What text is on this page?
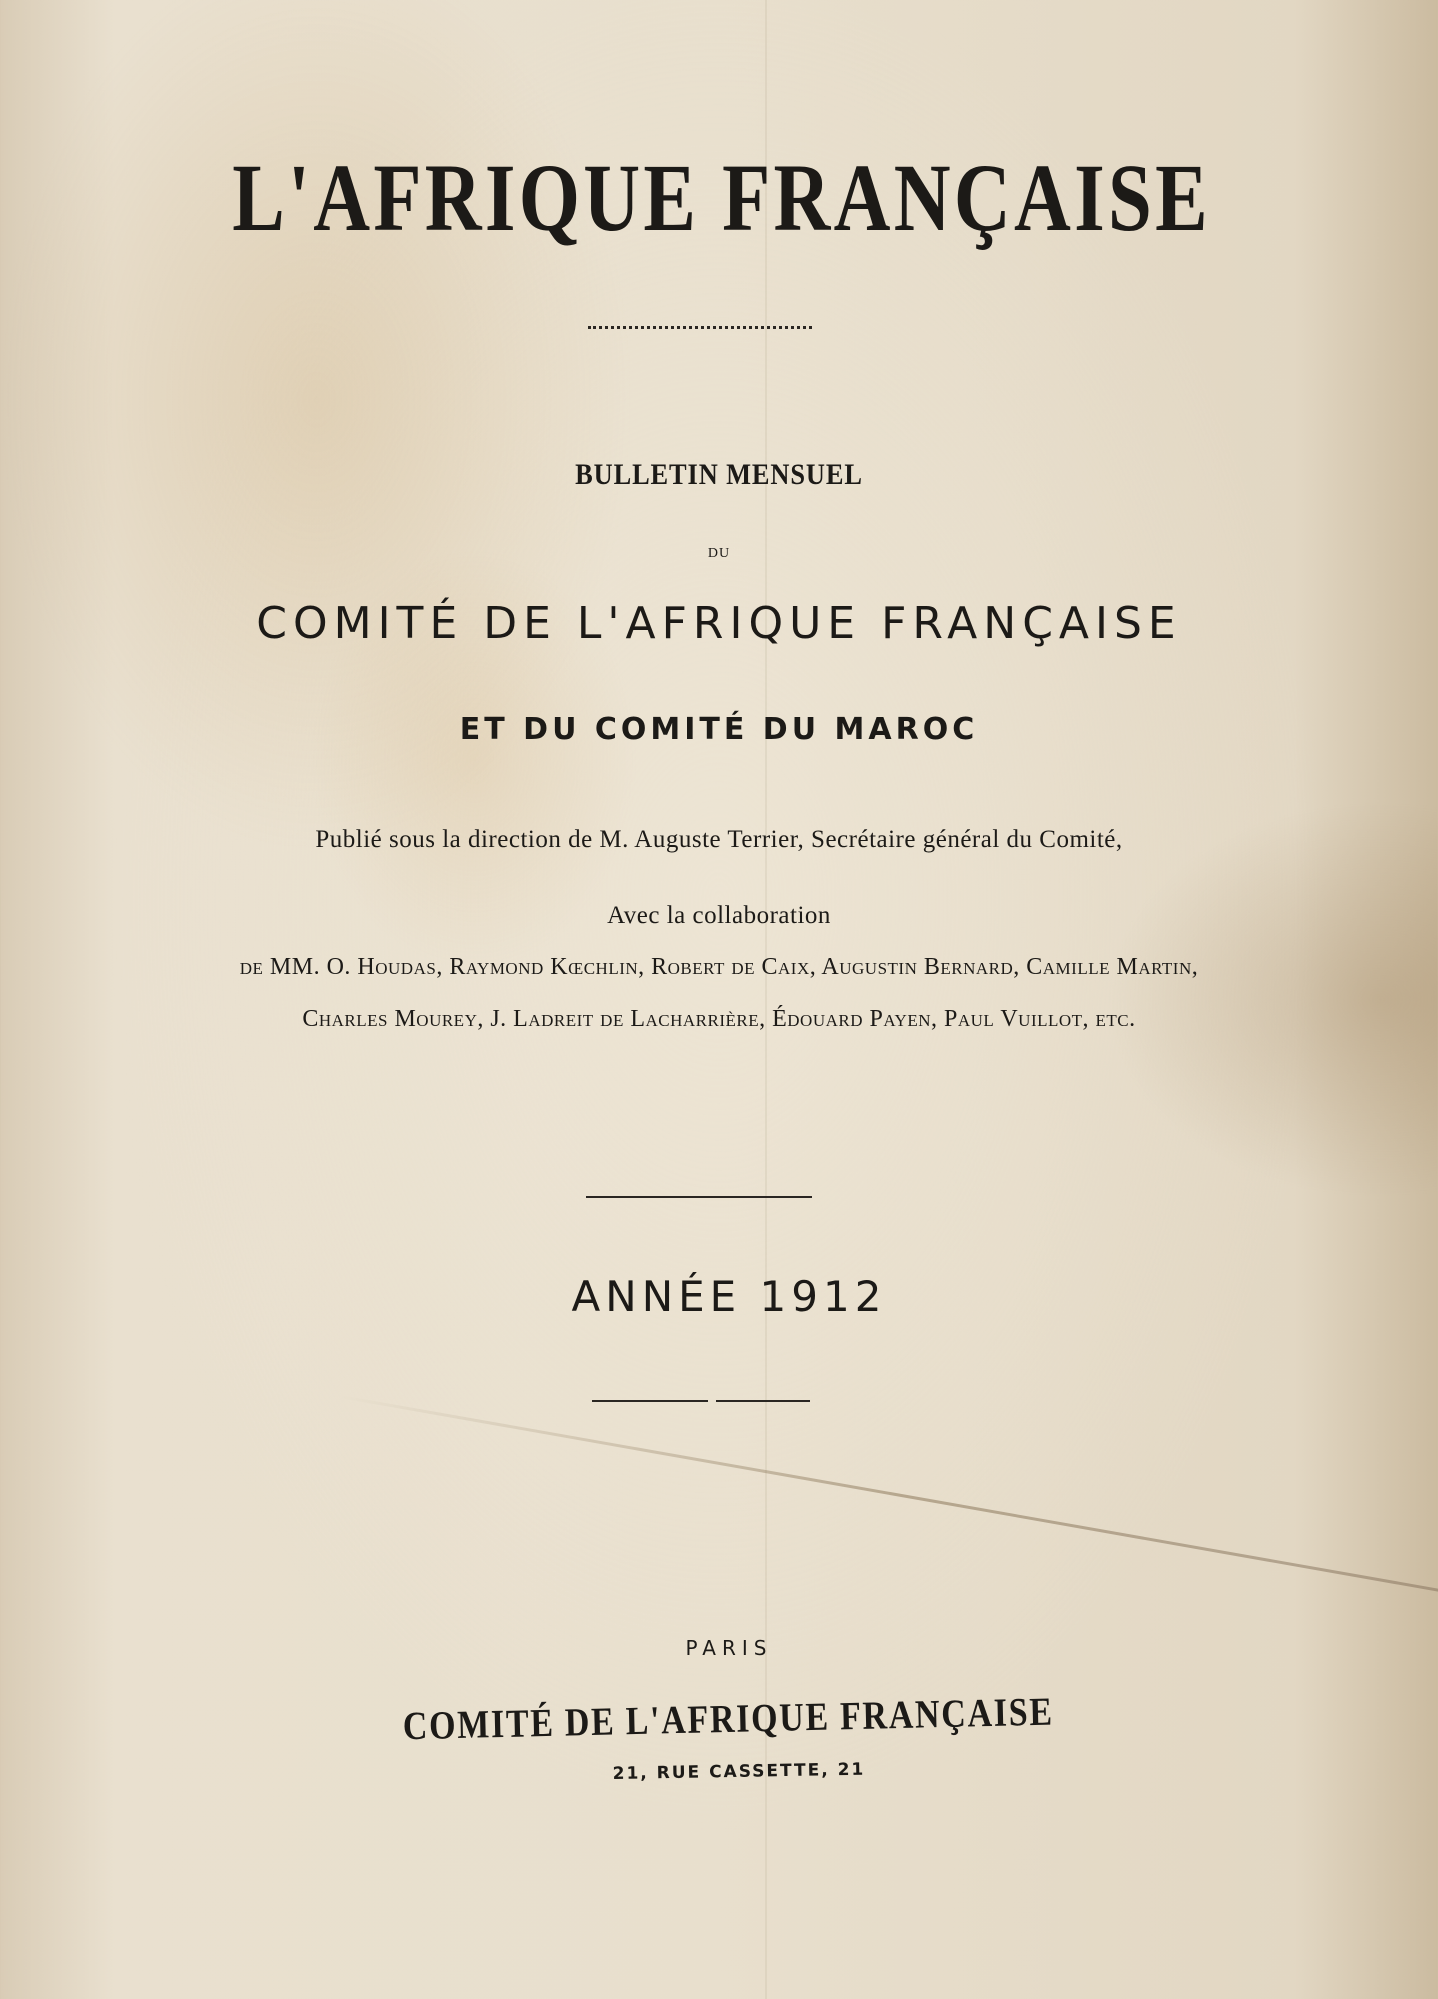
L'AFRIQUE FRANÇAISE
BULLETIN MENSUEL
DU
COMITÉ DE L'AFRIQUE FRANÇAISE
ET DU COMITÉ DU MAROC
Publié sous la direction de M. Auguste Terrier, Secrétaire général du Comité,
Avec la collaboration
de MM. O. Houdas, Raymond Kœchlin, Robert de Caix, Augustin Bernard, Camille Martin,
Charles Mourey, J. Ladreit de Lacharrière, Édouard Payen, Paul Vuillot, etc.
ANNÉE 1912
PARIS
COMITÉ DE L'AFRIQUE FRANÇAISE
21, RUE CASSETTE, 21
